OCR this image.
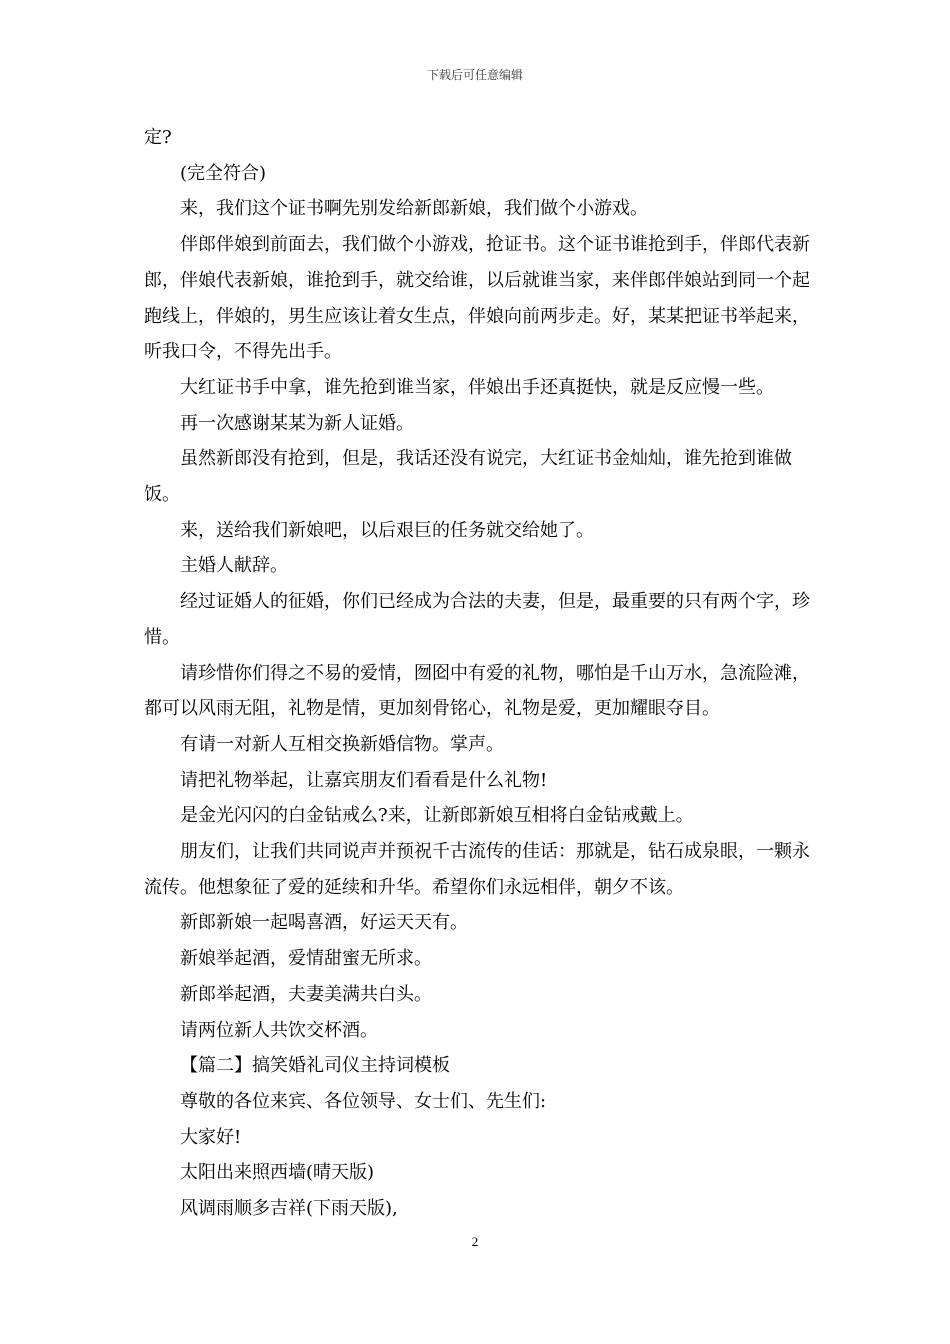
下载后可任意编辑

定?

(完全符合)

来，我们这个证书啊先别发给新郎新娘，我们做个小游戏。

伴郎伴娘到前面去，我们做个小游戏，抢证书。这个证书谁抢到手，伴郎代表新郎，伴娘代表新娘，谁抢到手，就交给谁，以后就谁当家，来伴郎伴娘站到同一个起跑线上，伴娘的，男生应该让着女生点，伴娘向前两步走。好，某某把证书举起来，听我口令，不得先出手。

大红证书手中拿，谁先抢到谁当家，伴娘出手还真挺快，就是反应慢一些。

再一次感谢某某为新人证婚。

虽然新郎没有抢到，但是，我话还没有说完，大红证书金灿灿，谁先抢到谁做饭。

来，送给我们新娘吧，以后艰巨的任务就交给她了。

主婚人献辞。

经过证婚人的征婚，你们已经成为合法的夫妻，但是，最重要的只有两个字，珍惜。

请珍惜你们得之不易的爱情，囫囵中有爱的礼物，哪怕是千山万水，急流险滩，都可以风雨无阻，礼物是情，更加刻骨铭心，礼物是爱，更加耀眼夺目。

有请一对新人互相交换新婚信物。掌声。

请把礼物举起，让嘉宾朋友们看看是什么礼物!

是金光闪闪的白金钻戒么?来，让新郎新娘互相将白金钻戒戴上。

朋友们，让我们共同说声并预祝千古流传的佳话：那就是，钻石成泉眼，一颗永流传。他想象征了爱的延续和升华。希望你们永远相伴，朝夕不该。

新郎新娘一起喝喜酒，好运天天有。

新娘举起酒，爱情甜蜜无所求。

新郎举起酒，夫妻美满共白头。

请两位新人共饮交杯酒。

【篇二】搞笑婚礼司仪主持词模板

尊敬的各位来宾、各位领导、女士们、先生们:

大家好!

太阳出来照西墙(晴天版)

风调雨顺多吉祥(下雨天版),

2
